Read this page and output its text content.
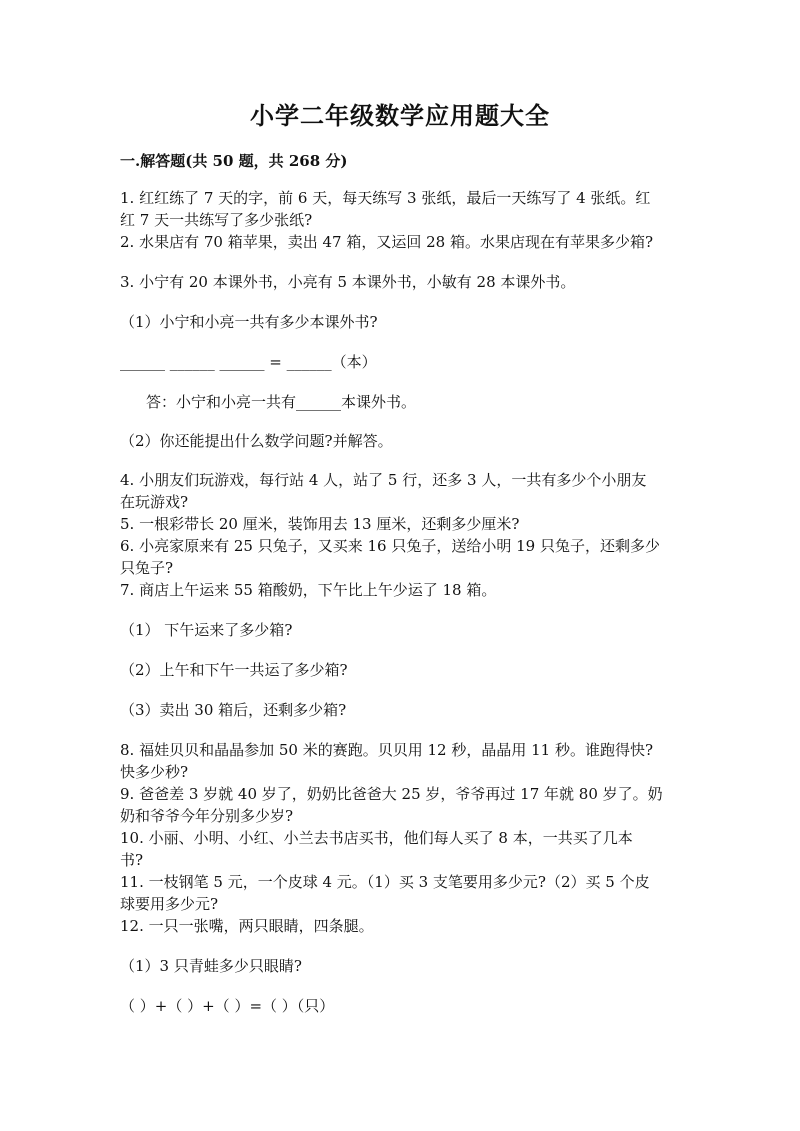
小学二年级数学应用题大全
一.解答题(共 50 题，共 268 分)
1. 红红练了 7 天的字，前 6 天，每天练写 3 张纸，最后一天练写了 4 张纸。红
红 7 天一共练写了多少张纸?
2. 水果店有 70 箱苹果，卖出 47 箱，又运回 28 箱。水果店现在有苹果多少箱?
3. 小宁有 20 本课外书，小亮有 5 本课外书，小敏有 28 本课外书。
（1）小宁和小亮一共有多少本课外书?
______ ______ ______ = ______（本）
答：小宁和小亮一共有______本课外书。
（2）你还能提出什么数学问题?并解答。
4. 小朋友们玩游戏，每行站 4 人，站了 5 行，还多 3 人，一共有多少个小朋友
在玩游戏?
5. 一根彩带长 20 厘米，装饰用去 13 厘米，还剩多少厘米?
6. 小亮家原来有 25 只兔子，又买来 16 只兔子，送给小明 19 只兔子，还剩多少
只兔子?
7. 商店上午运来 55 箱酸奶，下午比上午少运了 18 箱。
（1） 下午运来了多少箱?
（2）上午和下午一共运了多少箱?
（3）卖出 30 箱后，还剩多少箱?
8. 福娃贝贝和晶晶参加 50 米的赛跑。贝贝用 12 秒，晶晶用 11 秒。谁跑得快?
快多少秒?
9. 爸爸差 3 岁就 40 岁了，奶奶比爸爸大 25 岁，爷爷再过 17 年就 80 岁了。奶
奶和爷爷今年分别多少岁?
10. 小丽、小明、小红、小兰去书店买书，他们每人买了 8 本，一共买了几本
书?
11. 一枝钢笔 5 元，一个皮球 4 元。（1）买 3 支笔要用多少元?（2）买 5 个皮
球要用多少元?
12. 一只一张嘴，两只眼睛，四条腿。
（1）3 只青蛙多少只眼睛?
（ ）+（ ）+（ ）=（ ）（只）
